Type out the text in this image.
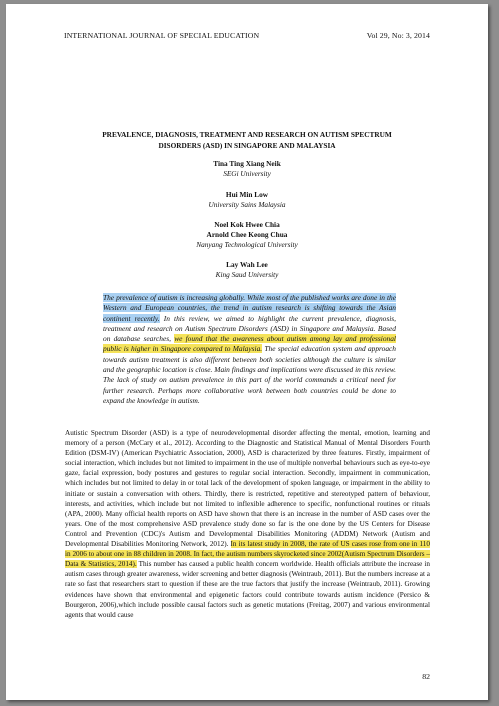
INTERNATIONAL JOURNAL OF SPECIAL EDUCATION	Vol 29, No: 3, 2014
PREVALENCE, DIAGNOSIS, TREATMENT AND RESEARCH ON AUTISM SPECTRUM
DISORDERS (ASD) IN SINGAPORE AND MALAYSIA
Tina Ting Xiang Neik
SEGi University
Hui Min Low
University Sains Malaysia
Noel Kok Hwee Chia
Arnold Chee Keong Chua
Nanyang Technological University
Lay Wah Lee
King Saud University
The prevalence of autism is increasing globally. While most of the published works are done in the Western and European countries, the trend in autism research is shifting towards the Asian continent recently. In this review, we aimed to highlight the current prevalence, diagnosis, treatment and research on Autism Spectrum Disorders (ASD) in Singapore and Malaysia. Based on database searches, we found that the awareness about autism among lay and professional public is higher in Singapore compared to Malaysia. The special education system and approach towards autism treatment is also different between both societies although the culture is similar and the geographic location is close. Main findings and implications were discussed in this review. The lack of study on autism prevalence in this part of the world commands a critical need for further research. Perhaps more collaborative work between both countries could be done to expand the knowledge in autism.
Autistic Spectrum Disorder (ASD) is a type of neurodevelopmental disorder affecting the mental, emotion, learning and memory of a person (McCary et al., 2012). According to the Diagnostic and Statistical Manual of Mental Disorders Fourth Edition (DSM-IV) (American Psychiatric Association, 2000), ASD is characterized by three features. Firstly, impairment of social interaction, which includes but not limited to impairment in the use of multiple nonverbal behaviours such as eye-to-eye gaze, facial expression, body postures and gestures to regular social interaction. Secondly, impairment in communication, which includes but not limited to delay in or total lack of the development of spoken language, or impairment in the ability to initiate or sustain a conversation with others. Thirdly, there is restricted, repetitive and stereotyped pattern of behaviour, interests, and activities, which include but not limited to inflexible adherence to specific, nonfunctional routines or rituals (APA, 2000). Many official health reports on ASD have shown that there is an increase in the number of ASD cases over the years. One of the most comprehensive ASD prevalence study done so far is the one done by the US Centers for Disease Control and Prevention (CDC)'s Autism and Developmental Disabilities Monitoring (ADDM) Network (Autism and Developmental Disabilities Monitoring Network, 2012). In its latest study in 2008, the rate of US cases rose from one in 110 in 2006 to about one in 88 children in 2008. In fact, the autism numbers skyrocketed since 2002(Autism Spectrum Disorders – Data & Statistics, 2014). This number has caused a public health concern worldwide. Health officials attribute the increase in autism cases through greater awareness, wider screening and better diagnosis (Weintraub, 2011). But the numbers increase at a rate so fast that researchers start to question if these are the true factors that justify the increase (Weintraub, 2011). Growing evidences have shown that environmental and epigenetic factors could contribute towards autism incidence (Persico & Bourgeron, 2006),which include possible causal factors such as genetic mutations (Freitag, 2007) and various environmental agents that would cause
82
